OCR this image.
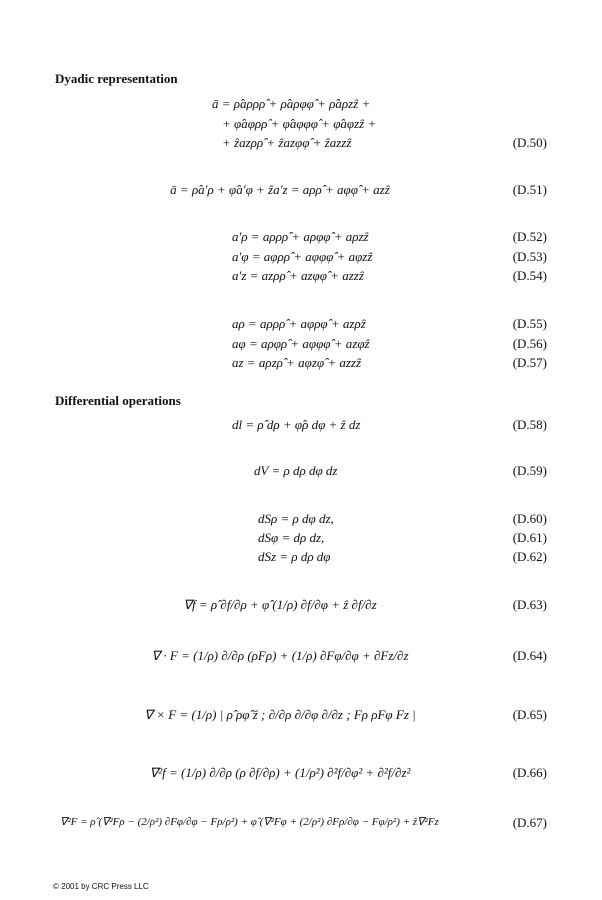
Dyadic representation
ā = ρ̂aρρρ̂ + ρ̂aρφφ̂ + ρ̂aρzẑ +
+ φ̂aφρρ̂ + φ̂aφφφ̂ + φ̂aφzẑ +
+ ẑazρρ̂ + ẑazφφ̂ + ẑazzẑ	(D.50)
ā = ρ̂a′ρ + φ̂a′φ + ẑa′z = aρρ̂ + aφφ̂ + azẑ	(D.51)
a′ρ = aρρρ̂ + aρφφ̂ + aρzẑ	(D.52)
a′φ = aφρρ̂ + aφφφ̂ + aφzẑ	(D.53)
a′z = azρρ̂ + azφφ̂ + azzẑ	(D.54)
aρ = aρρρ̂ + aφρφ̂ + azρẑ	(D.55)
aφ = aρφρ̂ + aφφφ̂ + azφẑ	(D.56)
az = aρzρ̂ + aφzφ̂ + azzẑ	(D.57)
Differential operations
dl = ρ̂ dρ + φ̂ρ dφ + ẑ dz	(D.58)
dV = ρ dρ dφ dz	(D.59)
dSρ = ρ dφ dz,	(D.60)
dSφ = dρ dz,	(D.61)
dSz = ρ dρ dφ	(D.62)
∇f = ρ̂ ∂f/∂ρ + φ̂ (1/ρ) ∂f/∂φ + ẑ ∂f/∂z	(D.63)
∇ · F = (1/ρ) ∂/∂ρ (ρFρ) + (1/ρ) ∂Fφ/∂φ + ∂Fz/∂z	(D.64)
∇ × F = (1/ρ) | ρ̂ ρφ̂ ẑ ; ∂/∂ρ ∂/∂φ ∂/∂z ; Fρ ρFφ Fz |	(D.65)
∇²f = (1/ρ) ∂/∂ρ (ρ ∂f/∂ρ) + (1/ρ²) ∂²f/∂φ² + ∂²f/∂z²	(D.66)
∇²F = ρ̂ (∇²Fρ − (2/ρ²) ∂Fφ/∂φ − Fρ/ρ²) + φ̂ (∇²Fφ + (2/ρ²) ∂Fρ/∂φ − Fφ/ρ²) + ẑ∇²Fz	(D.67)
© 2001 by CRC Press LLC
